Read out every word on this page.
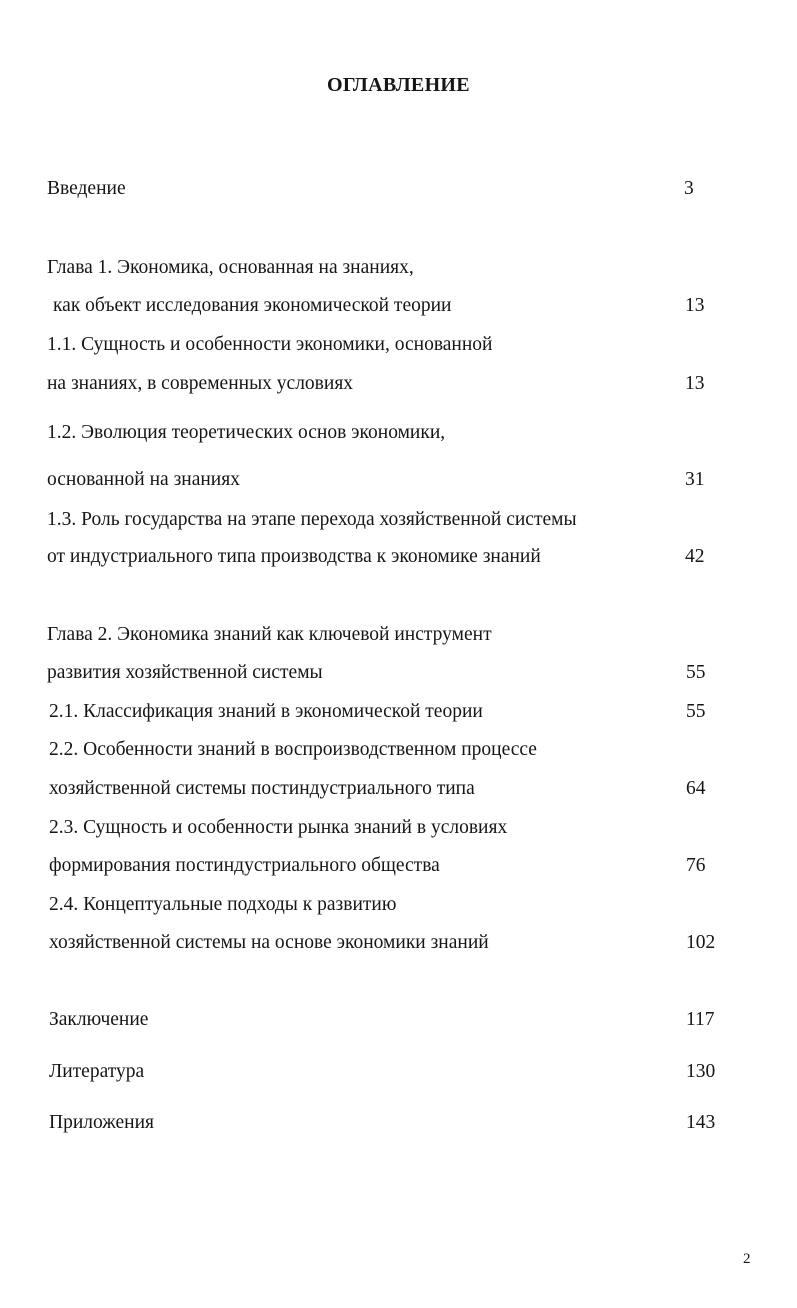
ОГЛАВЛЕНИЕ
Введение	3
Глава 1. Экономика, основанная на знаниях,
как объект исследования экономической теории	13
1.1. Сущность и особенности экономики, основанной
на знаниях, в современных условиях	13
1.2. Эволюция теоретических основ экономики,
основанной на знаниях	31
1.3. Роль государства на этапе перехода хозяйственной системы
от индустриального типа производства к экономике знаний	42
Глава 2. Экономика знаний как ключевой инструмент
развития хозяйственной системы	55
2.1. Классификация знаний в экономической теории	55
2.2. Особенности знаний в воспроизводственном процессе
хозяйственной системы постиндустриального типа	64
2.3. Сущность и особенности рынка знаний в условиях
формирования постиндустриального общества	76
2.4. Концептуальные подходы к развитию
хозяйственной системы на основе экономики знаний	102
Заключение	117
Литература	130
Приложения	143
2
